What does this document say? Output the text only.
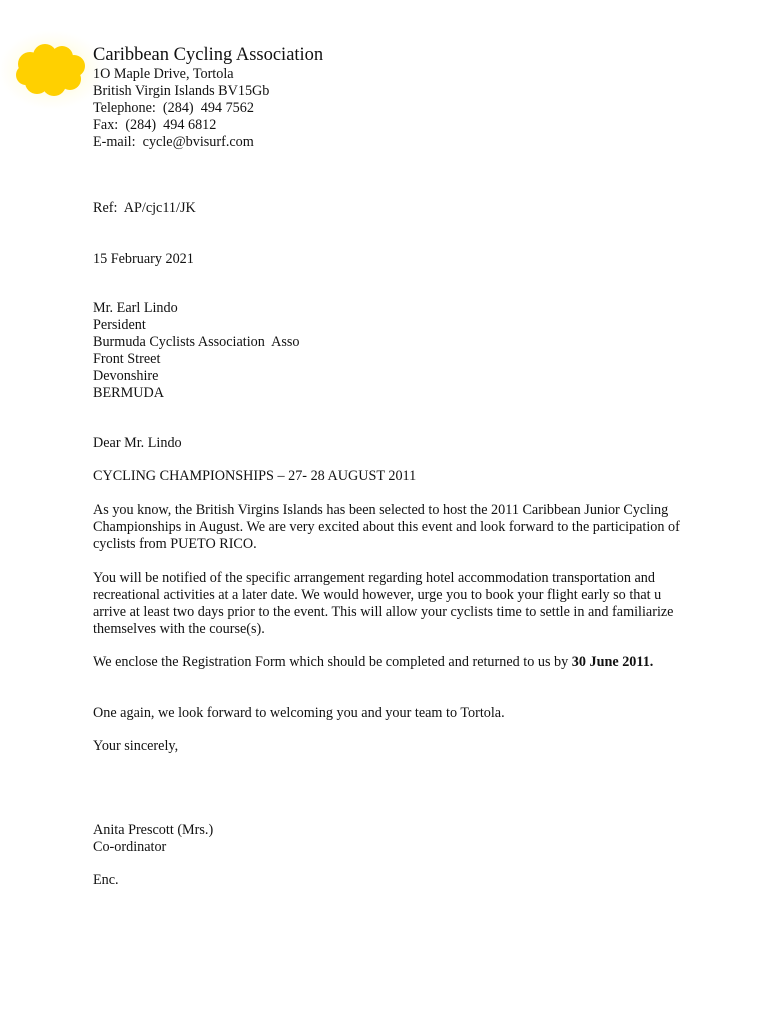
Caribbean Cycling Association
1O Maple Drive, Tortola
British Virgin Islands BV15Gb
Telephone:  (284)  494 7562
Fax:  (284)  494 6812
E-mail:  cycle@bvisurf.com
Ref:  AP/cjc11/JK
15 February 2021
Mr. Earl Lindo
Persident
Burmuda Cyclists Association  Asso
Front Street
Devonshire
BERMUDA
Dear Mr. Lindo
CYCLING CHAMPIONSHIPS – 27- 28 AUGUST 2011
As you know, the British Virgins Islands has been selected to host the 2011 Caribbean Junior Cycling Championships in August. We are very excited about this event and look forward to the participation of cyclists from PUETO RICO.
You will be notified of the specific arrangement regarding hotel accommodation transportation and recreational activities at a later date. We would however, urge you to book your flight early so that u arrive at least two days prior to the event. This will allow your cyclists time to settle in and familiarize themselves with the course(s).
We enclose the Registration Form which should be completed and returned to us by 30 June 2011.
One again, we look forward to welcoming you and your team to Tortola.
Your sincerely,
Anita Prescott (Mrs.)
Co-ordinator
Enc.
